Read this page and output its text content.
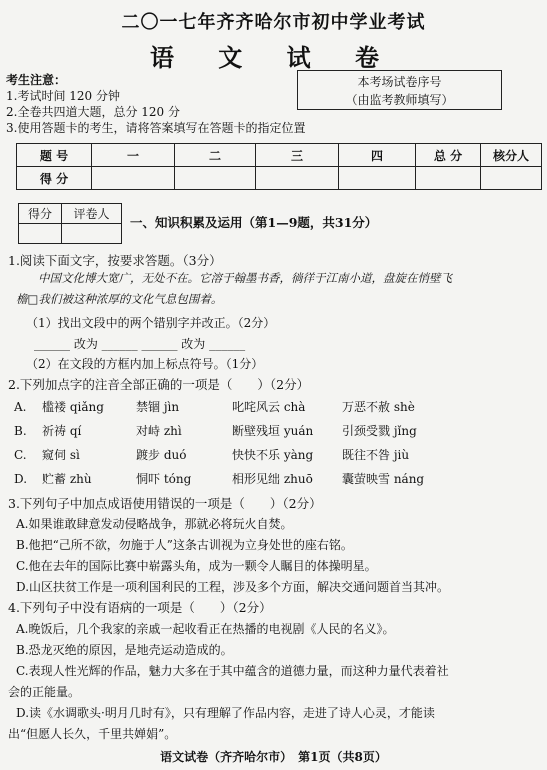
二〇一七年齐齐哈尔市初中学业考试
语 文 试 卷
考生注意：
1.考试时间 120 分钟
2.全卷共四道大题，总分 120 分
3.使用答题卡的考生，请将答案填写在答题卡的指定位置
本考场试卷序号
（由监考教师填写）
题 号	一	二	三	四	总 分	核分人
得 分						
得分	评卷人

一、知识积累及运用（第1—9题，共31分）
1.阅读下面文字，按要求答题。（3分）
中国文化博大宽广，无处不在。它溶于翰墨书香，徜徉于江南小道，盘旋在悄壁飞
檐□我们被这种浓厚的文化气息包围着。
（1）找出文段中的两个错别字并改正。（2分）
______ 改为 ______ ______ 改为 ______
（2）在文段的方框内加上标点符号。（1分）
2.下列加点字的注音全部正确的一项是（　　）（2分）
A. 槛褛 qiǎng	禁锢 jìn	叱咤风云 chà	万恶不赦 shè
B. 祈祷 qí	对峙 zhì	断壁残垣 yuán 引颈受戮 jǐng
C. 窥伺 sì	踱步 duó	快快不乐 yàng 既往不咎 jiù
D. 贮蓄 zhù	恫吓 tóng	相形见绌 zhuō 囊萤映雪 náng
3.下列句子中加点成语使用错误的一项是（　　）（2分）
A.如果谁敢肆意发动侵略战争，那就必将玩火自焚。
B.他把“己所不欲，勿施于人”这条古训视为立身处世的座右铭。
C.他在去年的国际比赛中崭露头角，成为一颗令人瞩目的体操明星。
D.山区扶贫工作是一项利国利民的工程，涉及多个方面，解决交通问题首当其冲。
4.下列句子中没有语病的一项是（　　）（2分）
A.晚饭后，几个我家的亲戚一起收看正在热播的电视剧《人民的名义》。
B.恐龙灭绝的原因，是地壳运动造成的。
C.表现人性光辉的作品，魅力大多在于其中蕴含的道德力量，而这种力量代表着社
会的正能量。
D.读《水调歌头·明月几时有》，只有理解了作品内容，走进了诗人心灵，才能读
出“但愿人长久，千里共婵娟”。
语文试卷（齐齐哈尔市）　第1页（共8页）
